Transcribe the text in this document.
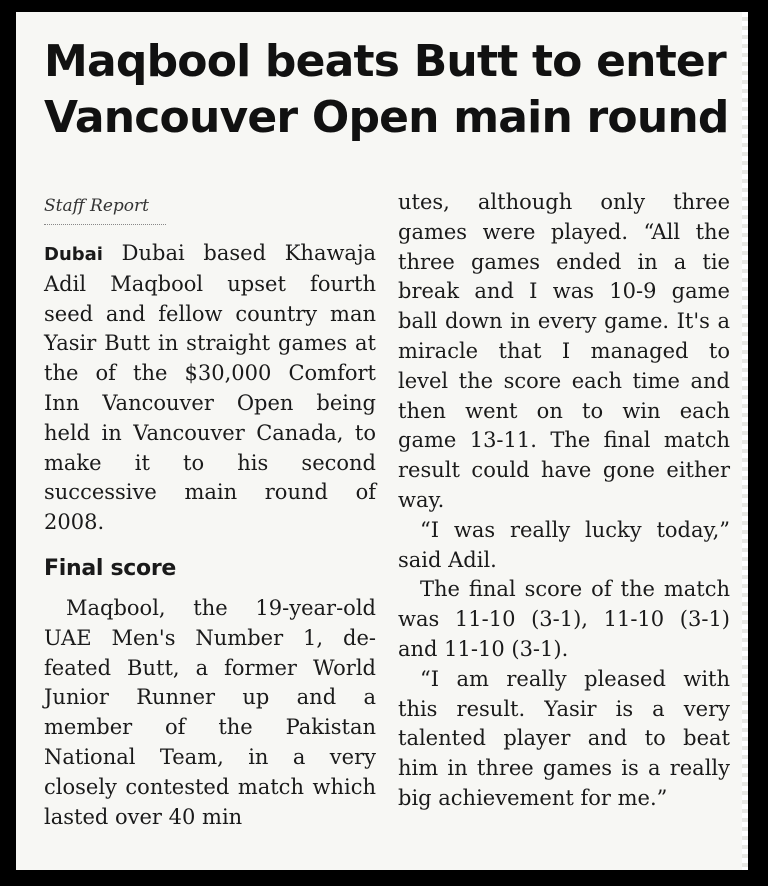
Maqbool beats Butt to enter Vancouver Open main round
Staff Report

Dubai Dubai based Khawaja Adil Maqbool upset fourth seed and fellow country man Yasir Butt in straight games at the of the $30,000 Comfort Inn Vancouver Open being held in Vancouver Canada, to make it to his second successive main round of 2008.

Final score

Maqbool, the 19-year-old UAE Men's Number 1, defeated Butt, a former World Junior Runner up and a member of the Pakistan National Team, in a very closely contested match which lasted over 40 min

utes, although only three games were played. “All the three games ended in a tie break and I was 10-9 game ball down in every game. It's a miracle that I managed to level the score each time and then went on to win each game 13-11. The final match result could have gone either way.

“I was really lucky today,” said Adil.

The final score of the match was 11-10 (3-1), 11-10 (3-1) and 11-10 (3-1).

“I am really pleased with this result. Yasir is a very talented player and to beat him in three games is a really big achievement for me.”
